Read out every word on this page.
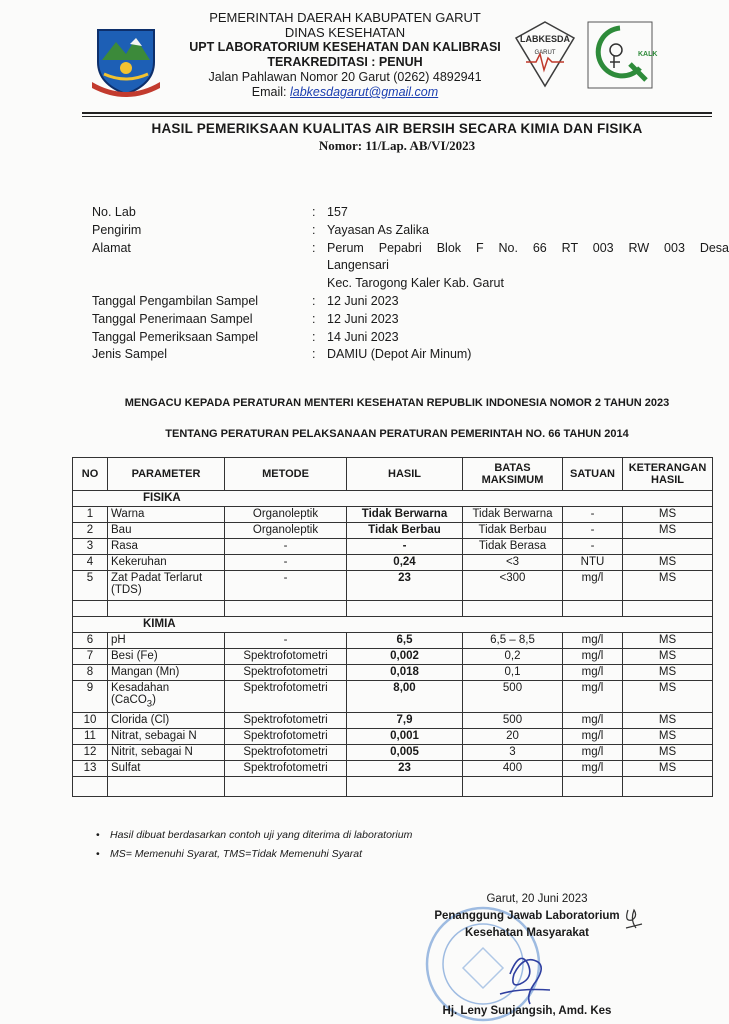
PEMERINTAH DAERAH KABUPATEN GARUT
DINAS KESEHATAN
UPT LABORATORIUM KESEHATAN DAN KALIBRASI
TERAKREDITASI : PENUH
Jalan Pahlawan Nomor 20 Garut (0262) 4892941
Email: labkesdagarut@gmail.com
LABKESDA
GARUT	KALK
HASIL PEMERIKSAAN KUALITAS AIR BERSIH SECARA KIMIA DAN FISIKA
Nomor: 11/Lap. AB/VI/2023
No. Lab	: 157
Pengirim	: Yayasan As Zalika
Alamat	: Perum Pepabri Blok F No. 66 RT 003 RW 003 Desa
Langensari
Kec. Tarogong Kaler Kab. Garut
Tanggal Pengambilan Sampel	: 12 Juni 2023
Tanggal Penerimaan Sampel	: 12 Juni 2023
Tanggal Pemeriksaan Sampel	: 14 Juni 2023
Jenis Sampel	: DAMIU (Depot Air Minum)
MENGACU KEPADA PERATURAN MENTERI KESEHATAN REPUBLIK INDONESIA NOMOR 2 TAHUN 2023
TENTANG PERATURAN PELAKSANAAN PERATURAN PEMERINTAH NO. 66 TAHUN 2014
NO	PARAMETER	METODE	HASIL	BATAS MAKSIMUM	SATUAN	KETERANGAN HASIL
FISIKA						
1	Warna	Organoleptik	Tidak Berwarna	Tidak Berwarna	-	MS
2	Bau	Organoleptik	Tidak Berbau	Tidak Berbau	-	MS
3	Rasa	-	-	Tidak Berasa	-	
4	Kekeruhan	-	0,24	<3	NTU	MS
5	Zat Padat Terlarut (TDS)	-	23	<300	mg/l	MS

KIMIA						
6	pH	-	6,5	6,5 – 8,5	mg/l	MS
7	Besi (Fe)	Spektrofotometri	0,002	0,2	mg/l	MS
8	Mangan (Mn)	Spektrofotometri	0,018	0,1	mg/l	MS
9	Kesadahan
(CaCO$_3$)	Spektrofotometri	8,00	500	mg/l	MS
10	Clorida (Cl)	Spektrofotometri	7,9	500	mg/l	MS
11	Nitrat, sebagai N	Spektrofotometri	0,001	20	mg/l	MS
12	Nitrit, sebagai N	Spektrofotometri	0,005	3	mg/l	MS
13	Sulfat	Spektrofotometri	23	400	mg/l	MS

• Hasil dibuat berdasarkan contoh uji yang diterima di laboratorium
• MS= Memenuhi Syarat, TMS=Tidak Memenuhi Syarat
Garut, 20 Juni 2023
Penanggung Jawab Laboratorium
Kesehatan Masyarakat
Hj. Leny Sunjangsih, Amd. Kes
